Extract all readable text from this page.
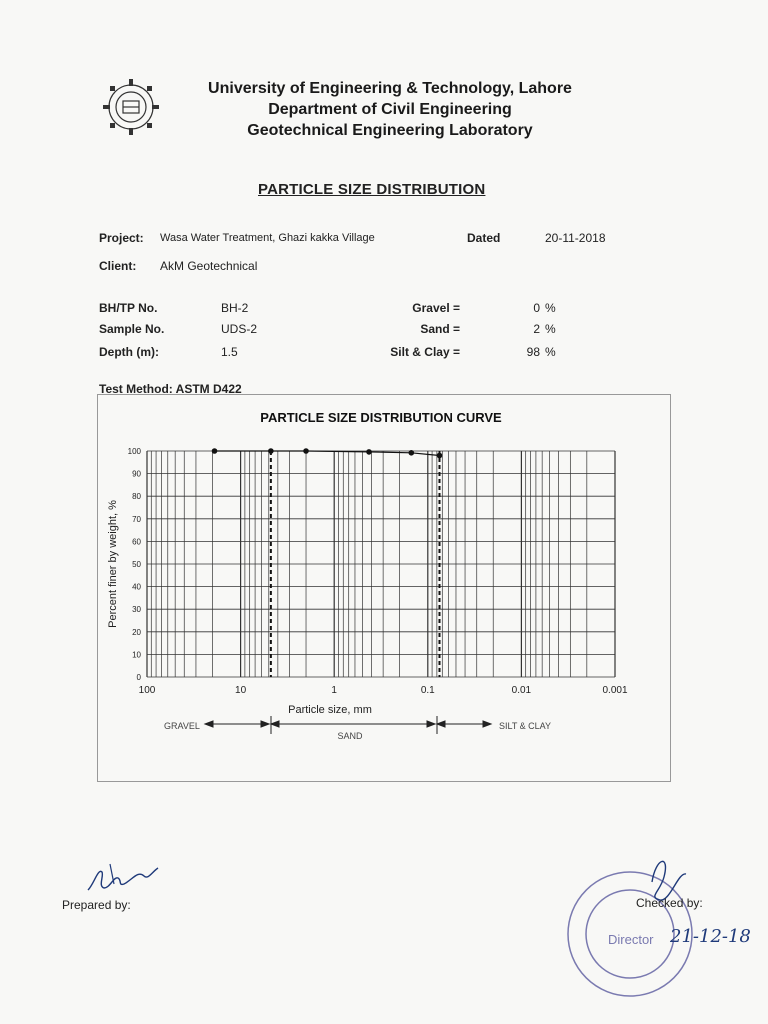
University of Engineering & Technology, Lahore
Department of Civil Engineering
Geotechnical Engineering Laboratory
PARTICLE SIZE DISTRIBUTION
Project: Wasa Water Treatment, Ghazi kakka Village	Dated	20-11-2018
Client: AkM Geotechnical
BH/TP No.	BH-2	Gravel =	0 %
Sample No.	UDS-2	Sand =	2 %
Depth (m):	1.5	Silt & Clay =	98 %
Test Method: ASTM D422
PARTICLE SIZE DISTRIBUTION CURVE
0
10
20
30
40
50
60
70
80
90
100
100	10	1	0.1	0.01	0.001
Particle size, mm
Percent finer by weight, %
GRAVEL
SAND
SILT & CLAY
Prepared by:
Director 21-12-18
Checked by:
